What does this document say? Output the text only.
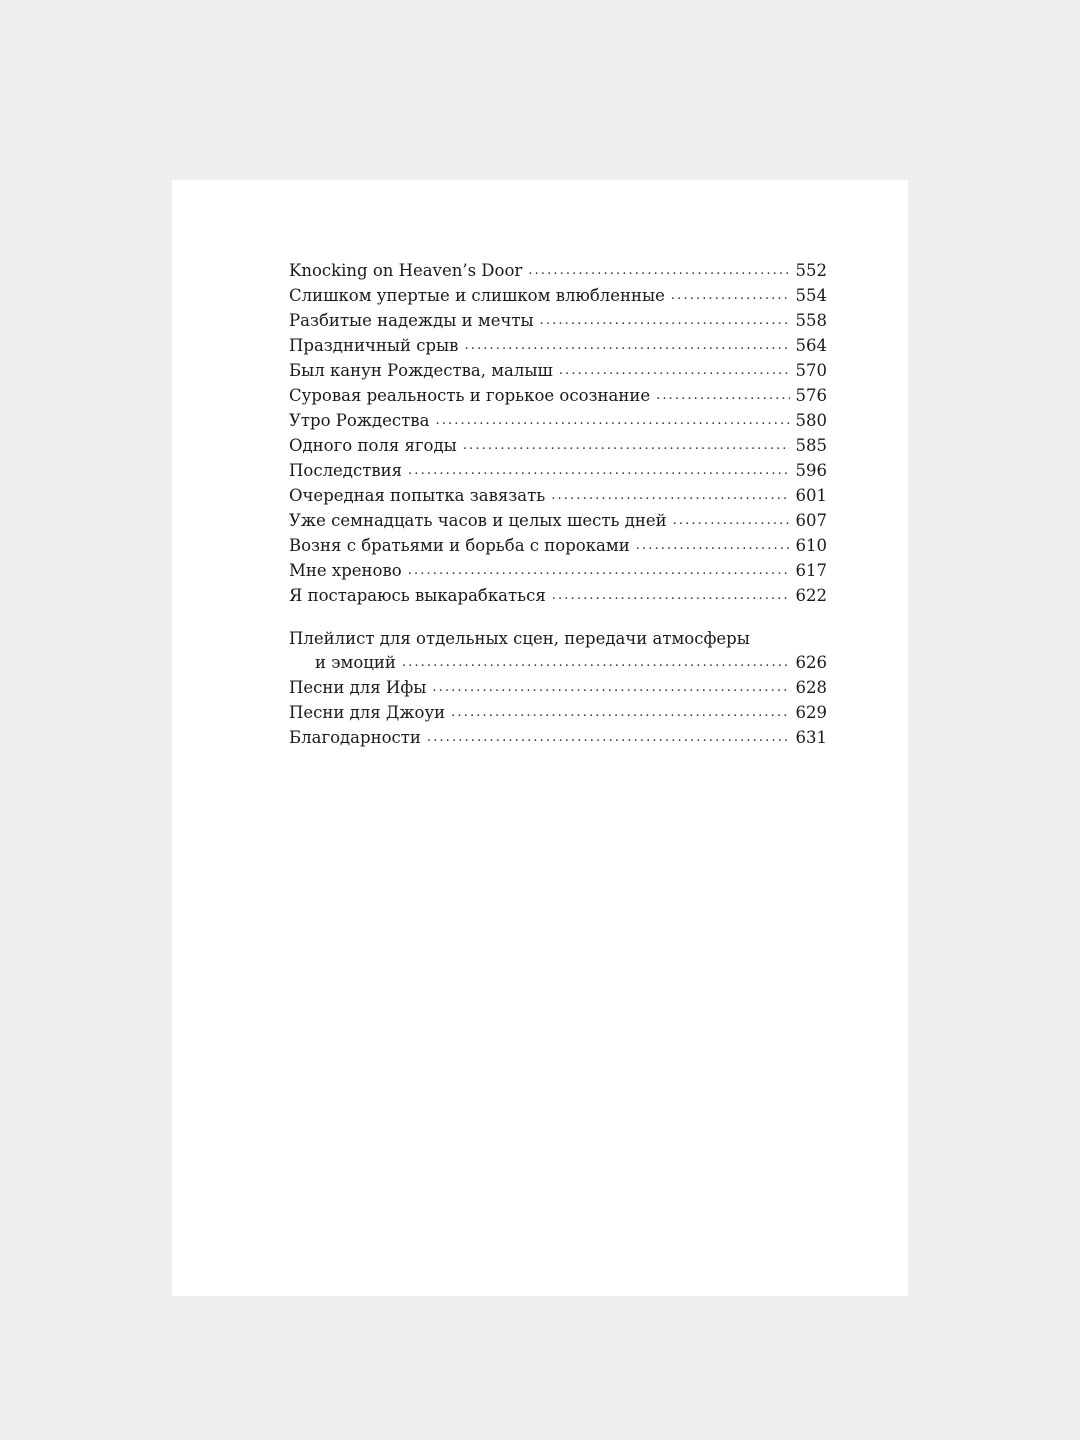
Knocking on Heaven’s Door . . .	552
Слишком упертые и слишком влюбленные . . .	554
Разбитые надежды и мечты . . .	558
Праздничный срыв . . .	564
Был канун Рождества, малыш . . .	570
Суровая реальность и горькое осознание . . .	576
Утро Рождества . . .	580
Одного поля ягоды . . .	585
Последствия . . .	596
Очередная попытка завязать . . .	601
Уже семнадцать часов и целых шесть дней . . .	607
Возня с братьями и борьба с пороками . . .	610
Мне хреново . . .	617
Я постараюсь выкарабкаться . . .	622
Плейлист для отдельных сцен, передачи атмосферы
и эмоций . . .	626
Песни для Ифы . . .	628
Песни для Джоуи . . .	629
Благодарности . . .	631
